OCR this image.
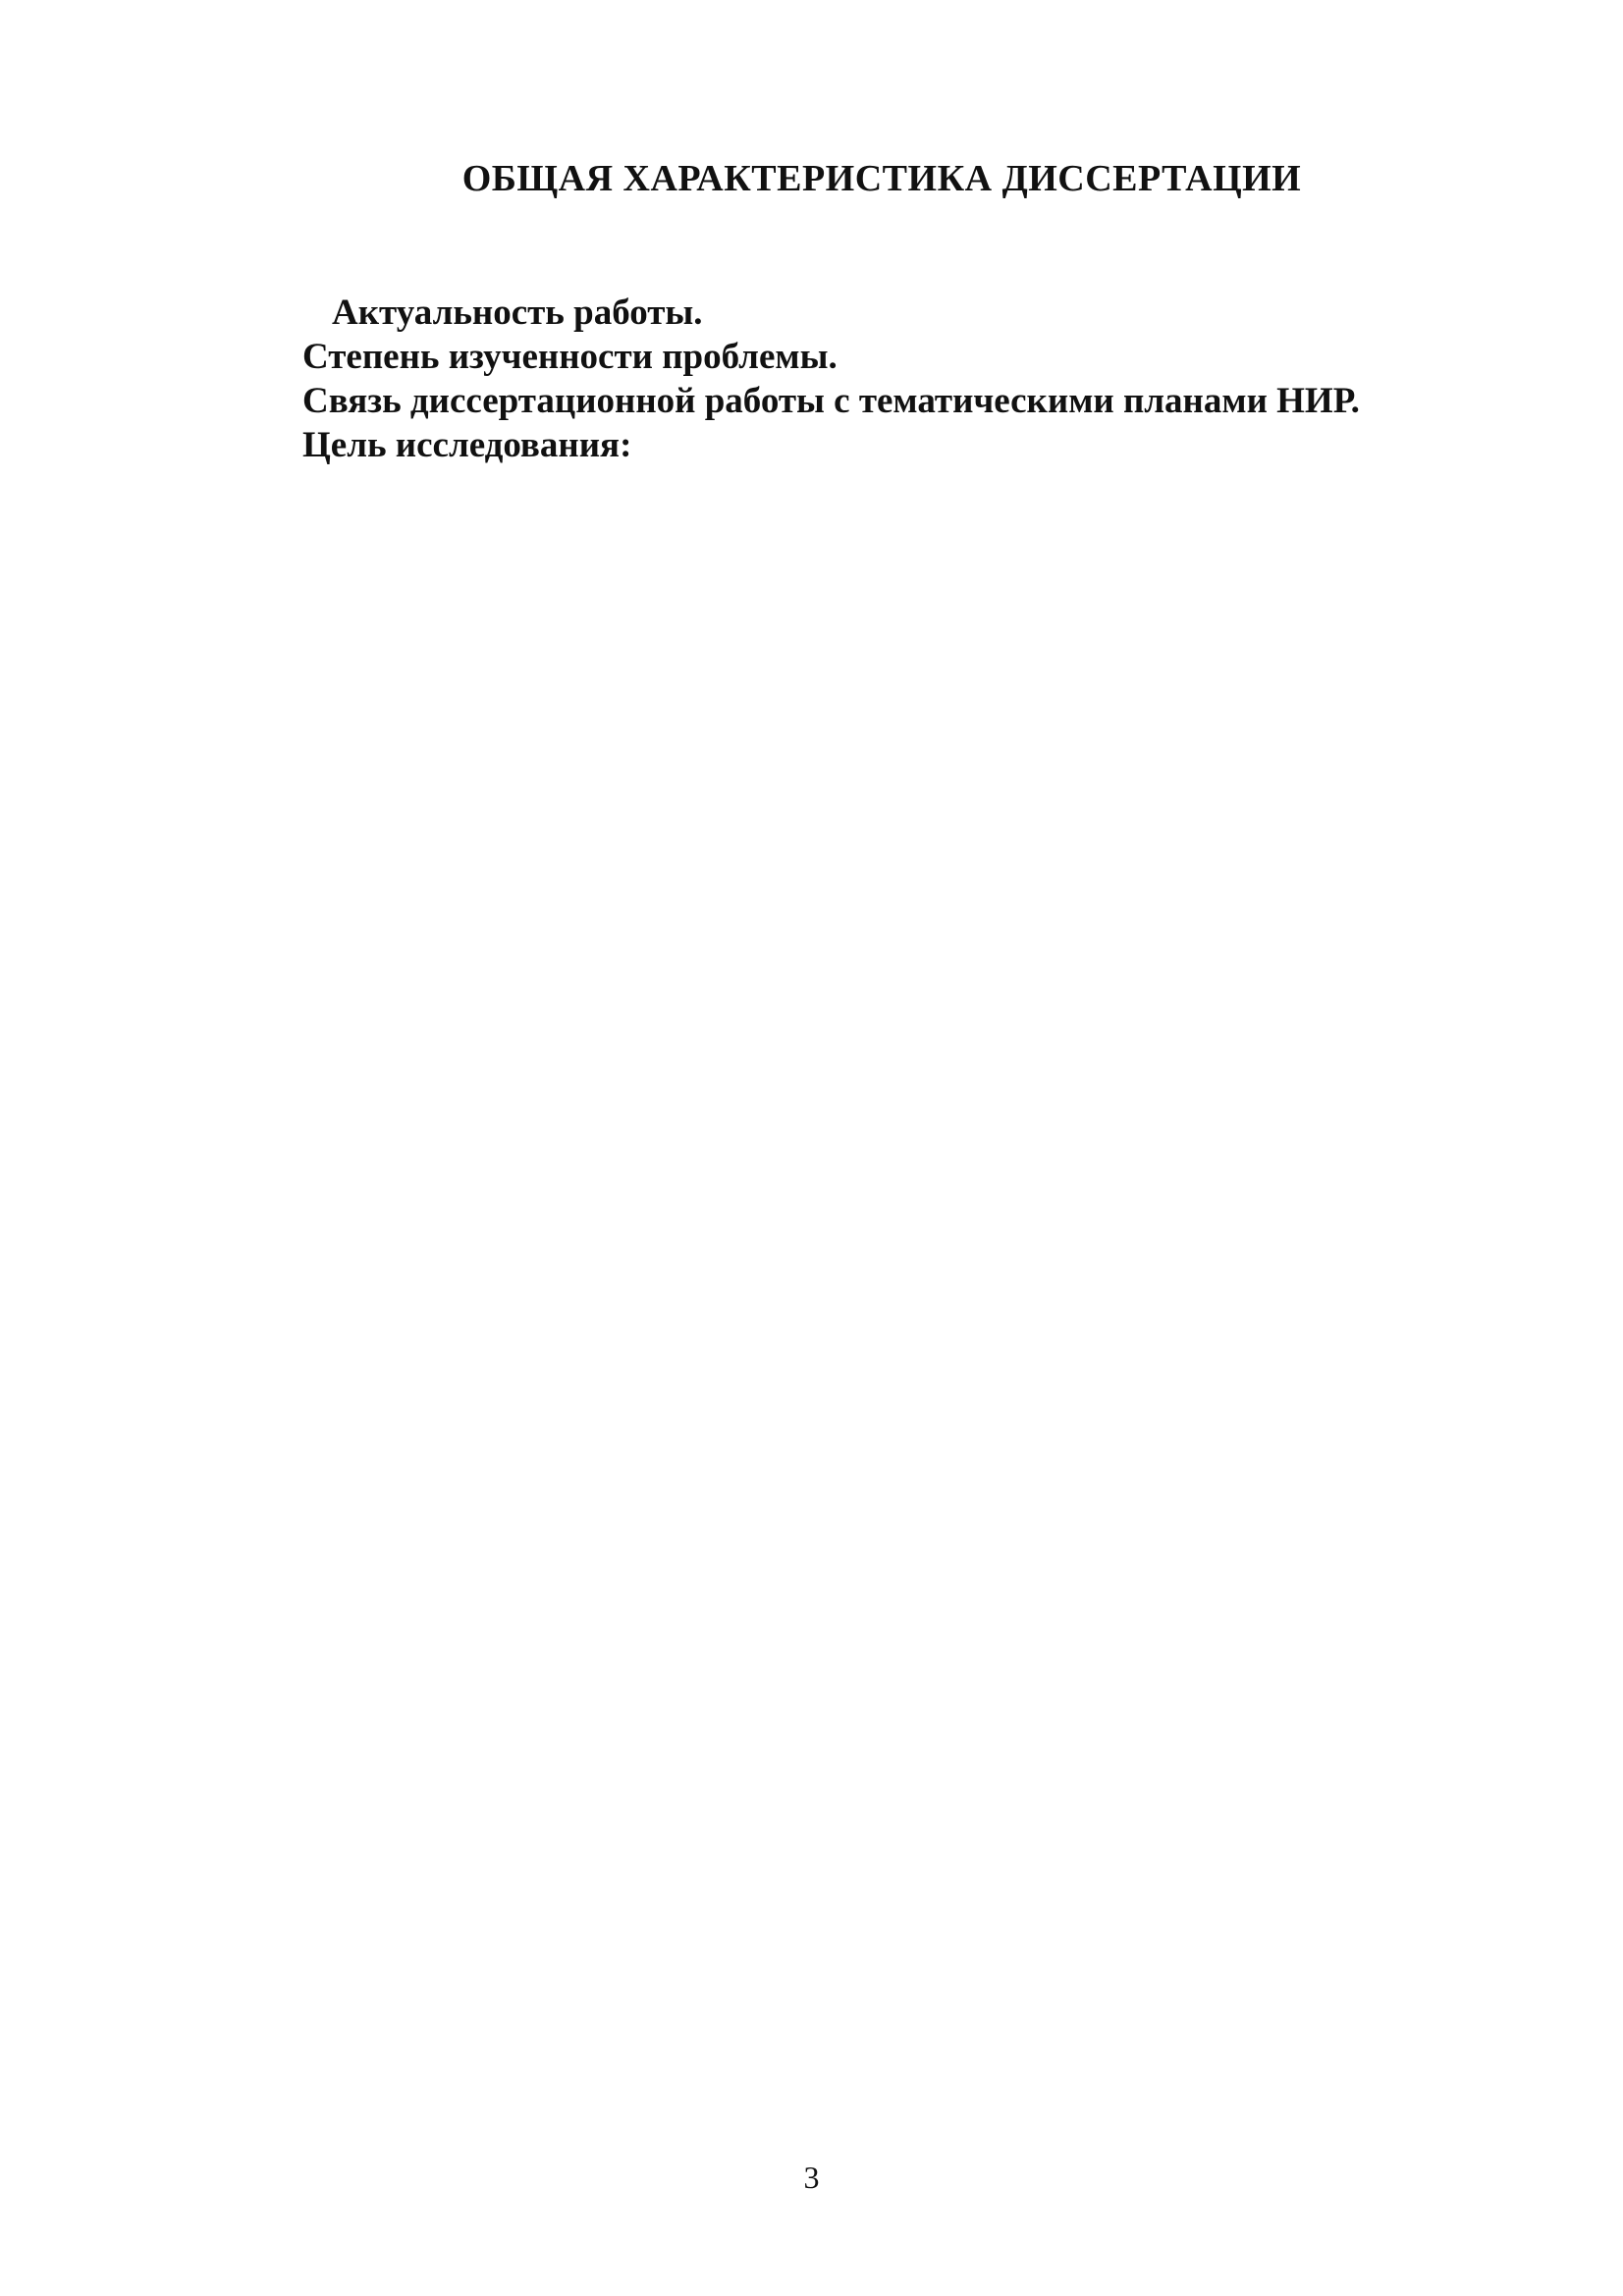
ОБЩАЯ ХАРАКТЕРИСТИКА ДИССЕРТАЦИИ

Актуальность работы.

Степень изученности проблемы.

Связь диссертационной работы с тематическими планами НИР.

Цель исследования:

3
